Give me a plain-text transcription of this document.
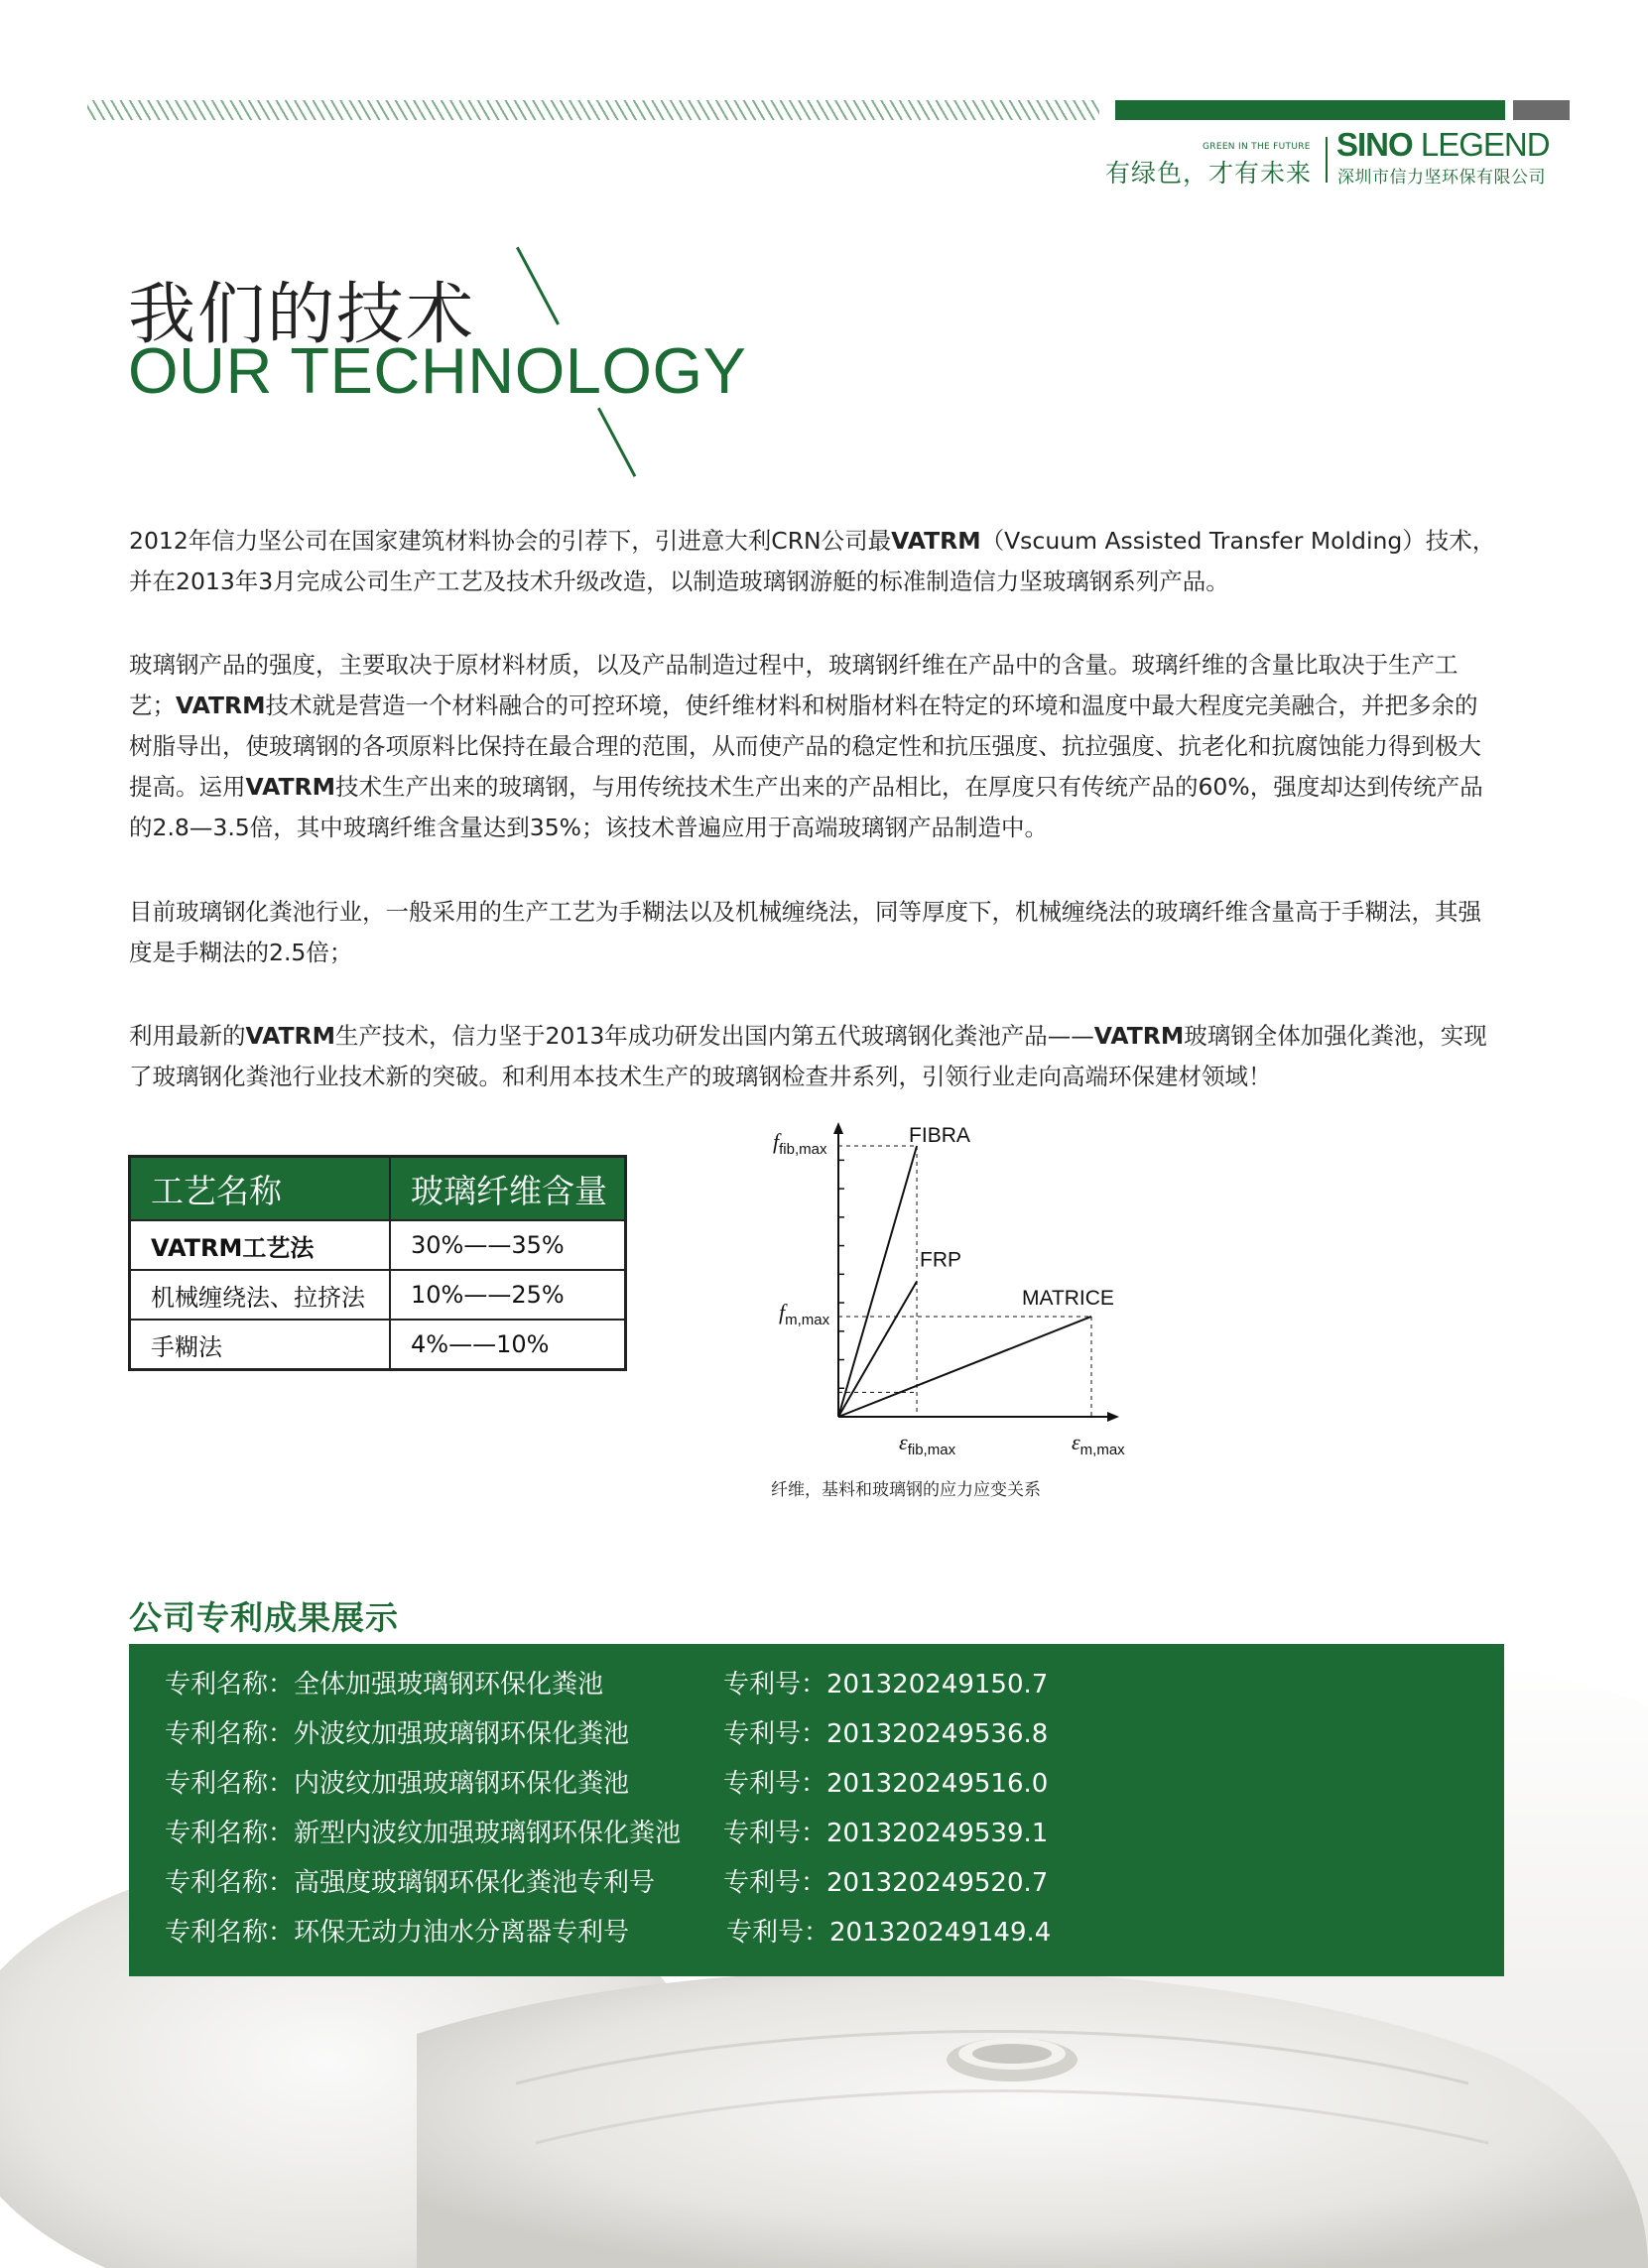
GREEN IN THE FUTURE
有绿色，才有未来
SINO LEGEND
深圳市信力坚环保有限公司
我们的技术
OUR TECHNOLOGY

2012年信力坚公司在国家建筑材料协会的引荐下，引进意大利CRN公司最VATRM（Vscuum Assisted Transfer Molding）技术，并在2013年3月完成公司生产工艺及技术升级改造，以制造玻璃钢游艇的标准制造信力坚玻璃钢系列产品。

玻璃钢产品的强度，主要取决于原材料材质，以及产品制造过程中，玻璃钢纤维在产品中的含量。玻璃纤维的含量比取决于生产工艺；VATRM技术就是营造一个材料融合的可控环境，使纤维材料和树脂材料在特定的环境和温度中最大程度完美融合，并把多余的树脂导出，使玻璃钢的各项原料比保持在最合理的范围，从而使产品的稳定性和抗压强度、抗拉强度、抗老化和抗腐蚀能力得到极大提高。运用VATRM技术生产出来的玻璃钢，与用传统技术生产出来的产品相比，在厚度只有传统产品的60%，强度却达到传统产品的2.8—3.5倍，其中玻璃纤维含量达到35%；该技术普遍应用于高端玻璃钢产品制造中。

目前玻璃钢化粪池行业，一般采用的生产工艺为手糊法以及机械缠绕法，同等厚度下，机械缠绕法的玻璃纤维含量高于手糊法，其强度是手糊法的2.5倍；

利用最新的VATRM生产技术，信力坚于2013年成功研发出国内第五代玻璃钢化粪池产品——VATRM玻璃钢全体加强化粪池，实现了玻璃钢化粪池行业技术新的突破。和利用本技术生产的玻璃钢检查井系列，引领行业走向高端环保建材领域！

工艺名称	玻璃纤维含量
VATRM工艺法	30%——35%
机械缠绕法、拉挤法	10%——25%
手糊法	4%——10%
FIBRA
FRP
MATRICE
$f_{fib,max}$
$f_{m,max}$
$\varepsilon_{fib,max}$	$\varepsilon_{m,max}$
纤维，基料和玻璃钢的应力应变关系
公司专利成果展示
专利名称：全体加强玻璃钢环保化粪池	专利号：201320249150.7
专利名称：外波纹加强玻璃钢环保化粪池	专利号：201320249536.8
专利名称：内波纹加强玻璃钢环保化粪池	专利号：201320249516.0
专利名称：新型内波纹加强玻璃钢环保化粪池 专利号：201320249539.1
专利名称：高强度玻璃钢环保化粪池专利号	专利号：201320249520.7
专利名称：环保无动力油水分离器专利号	专利号：201320249149.4
